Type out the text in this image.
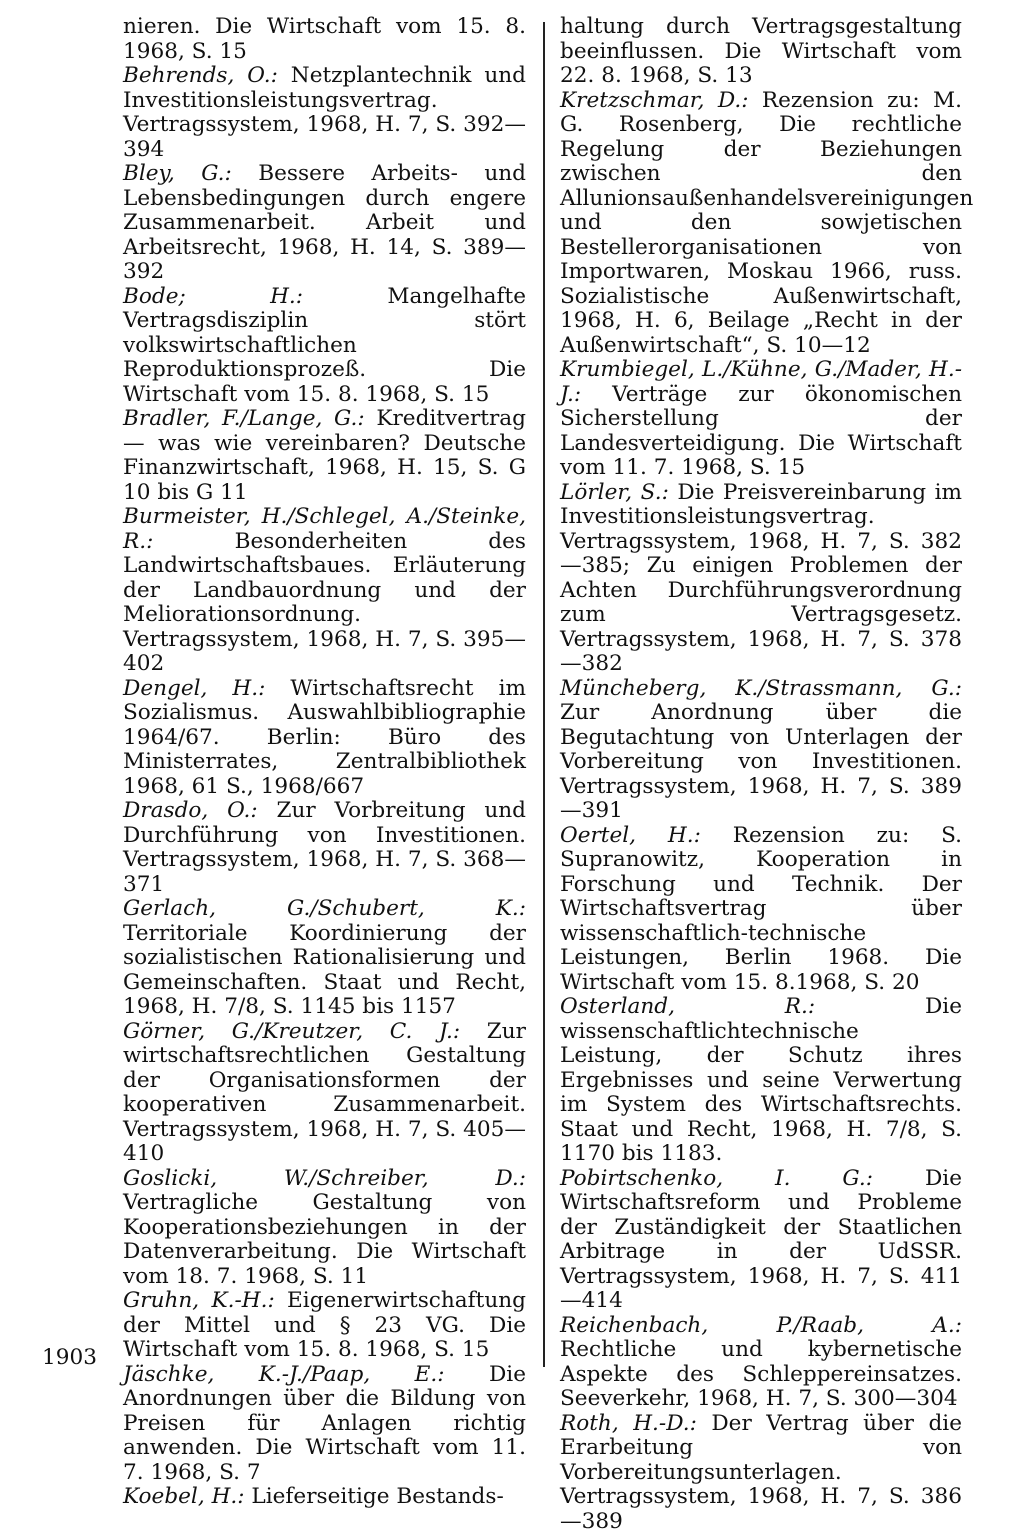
nieren. Die Wirtschaft vom 15. 8. 1968, S. 15

Behrends, O.: Netzplantechnik und Investitionsleistungsvertrag. Vertragssystem, 1968, H. 7, S. 392—394

Bley, G.: Bessere Arbeits- und Lebensbedingungen durch engere Zusammenarbeit. Arbeit und Arbeitsrecht, 1968, H. 14, S. 389—392

Bode; H.: Mangelhafte Vertragsdisziplin stört volkswirtschaftlichen Reproduktionsprozeß. Die Wirtschaft vom 15. 8. 1968, S. 15

Bradler, F./Lange, G.: Kreditvertrag — was wie vereinbaren? Deutsche Finanzwirtschaft, 1968, H. 15, S. G 10 bis G 11

Burmeister, H./Schlegel, A./Steinke, R.: Besonderheiten des Landwirtschaftsbaues. Erläuterung der Landbauordnung und der Meliorationsordnung. Vertragssystem, 1968, H. 7, S. 395—402

Dengel, H.: Wirtschaftsrecht im Sozialismus. Auswahlbibliographie 1964/67. Berlin: Büro des Ministerrates, Zentralbibliothek 1968, 61 S., 1968/667

Drasdo, O.: Zur Vorbreitung und Durchführung von Investitionen. Vertragssystem, 1968, H. 7, S. 368—371

Gerlach, G./Schubert, K.: Territoriale Koordinierung der sozialistischen Rationalisierung und Gemeinschaften. Staat und Recht, 1968, H. 7/8, S. 1145 bis 1157

Görner, G./Kreutzer, C. J.: Zur wirtschaftsrechtlichen Gestaltung der Organisationsformen der kooperativen Zusammenarbeit. Vertragssystem, 1968, H. 7, S. 405—410

Goslicki, W./Schreiber, D.: Vertragliche Gestaltung von Kooperationsbeziehungen in der Datenverarbeitung. Die Wirtschaft vom 18. 7. 1968, S. 11

Gruhn, K.-H.: Eigenerwirtschaftung der Mittel und § 23 VG. Die Wirtschaft vom 15. 8. 1968, S. 15

Jäschke, K.-J./Paap, E.: Die Anordnungen über die Bildung von Preisen für Anlagen richtig anwenden. Die Wirtschaft vom 11. 7. 1968, S. 7

Koebel, H.: Lieferseitige Bestands-

haltung durch Vertragsgestaltung beeinflussen. Die Wirtschaft vom 22. 8. 1968, S. 13

Kretzschmar, D.: Rezension zu: M. G. Rosenberg, Die rechtliche Regelung der Beziehungen zwischen den Allunionsaußenhandelsvereinigungen und den sowjetischen Bestellerorganisationen von Importwaren, Moskau 1966, russ. Sozialistische Außenwirtschaft, 1968, H. 6, Beilage „Recht in der Außenwirtschaft“, S. 10—12

Krumbiegel, L./Kühne, G./Mader, H.-J.: Verträge zur ökonomischen Sicherstellung der Landesverteidigung. Die Wirtschaft vom 11. 7. 1968, S. 15

Lörler, S.: Die Preisvereinbarung im Investitionsleistungsvertrag. Vertragssystem, 1968, H. 7, S. 382—385; Zu einigen Problemen der Achten Durchführungsverordnung zum Vertragsgesetz. Vertragssystem, 1968, H. 7, S. 378—382

Müncheberg, K./Strassmann, G.: Zur Anordnung über die Begutachtung von Unterlagen der Vorbereitung von Investitionen. Vertragssystem, 1968, H. 7, S. 389—391

Oertel, H.: Rezension zu: S. Supranowitz, Kooperation in Forschung und Technik. Der Wirtschaftsvertrag über wissenschaftlich-technische Leistungen, Berlin 1968. Die Wirtschaft vom 15. 8.1968, S. 20

Osterland, R.: Die wissenschaftlichtechnische Leistung, der Schutz ihres Ergebnisses und seine Verwertung im System des Wirtschaftsrechts. Staat und Recht, 1968, H. 7/8, S. 1170 bis 1183.

Pobirtschenko, I. G.: Die Wirtschaftsreform und Probleme der Zuständigkeit der Staatlichen Arbitrage in der UdSSR. Vertragssystem, 1968, H. 7, S. 411—414

Reichenbach, P./Raab, A.: Rechtliche und kybernetische Aspekte des Schleppereinsatzes. Seeverkehr, 1968, H. 7, S. 300—304

Roth, H.-D.: Der Vertrag über die Erarbeitung von Vorbereitungsunterlagen. Vertragssystem, 1968, H. 7, S. 386—389

1903
